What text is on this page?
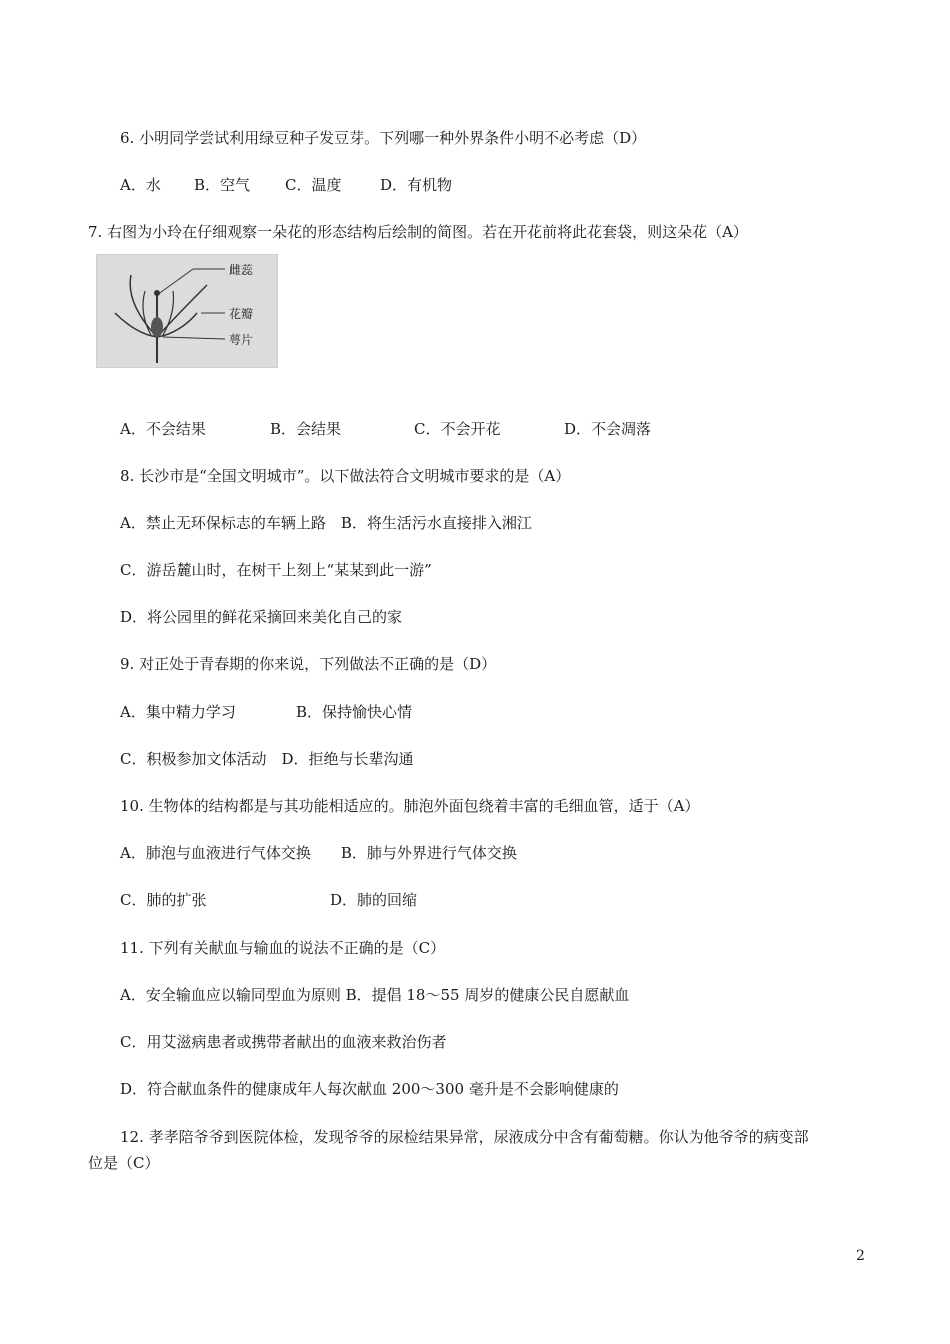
6. 小明同学尝试利用绿豆种子发豆芽。下列哪一种外界条件小明不必考虑（D）
A．水 B．空气 C．温度	D．有机物
7. 右图为小玲在仔细观察一朵花的形态结构后绘制的简图。若在开花前将此花套袋，则这朵花（A）
雌蕊
花瓣
萼片
A．不会结果	B．会结果	C．不会开花	D．不会凋落
8. 长沙市是“全国文明城市”。以下做法符合文明城市要求的是（A）
A．禁止无环保标志的车辆上路　B．将生活污水直接排入湘江
C．游岳麓山时，在树干上刻上“某某到此一游”
D．将公园里的鲜花采摘回来美化自己的家
9. 对正处于青春期的你来说，下列做法不正确的是（D）
A．集中精力学习	B．保持愉快心情
C．积极参加文体活动　D．拒绝与长辈沟通
10. 生物体的结构都是与其功能相适应的。肺泡外面包绕着丰富的毛细血管，适于（A）
A．肺泡与血液进行气体交换　　B．肺与外界进行气体交换
C．肺的扩张	D．肺的回缩
11. 下列有关献血与输血的说法不正确的是（C）
A．安全输血应以输同型血为原则 B．提倡 18～55 周岁的健康公民自愿献血
C．用艾滋病患者或携带者献出的血液来救治伤者
D．符合献血条件的健康成年人每次献血 200～300 毫升是不会影响健康的
12. 孝孝陪爷爷到医院体检，发现爷爷的尿检结果异常，尿液成分中含有葡萄糖。你认为他爷爷的病变部
位是（C）
2
